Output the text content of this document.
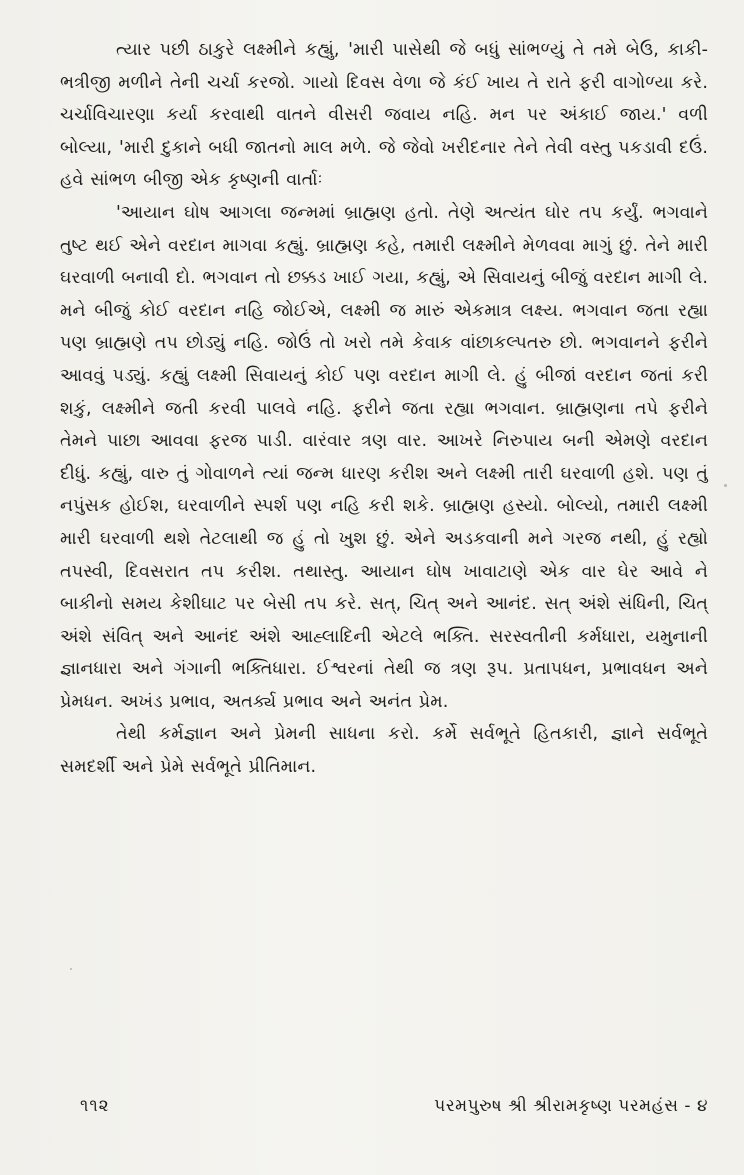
ત્યાર પછી ઠાકુરે લક્ષ્મીને કહ્યું, 'મારી પાસેથી જે બધું સાંભળ્યું તે તમે બેઉ, કાકી-ભત્રીજી મળીને તેની ચર્ચા કરજો. ગાયો દિવસ વેળા જે કંઈ ખાય તે રાતે ફરી વાગોળ્યા કરે. ચર્ચાવિચારણા કર્યા કરવાથી વાતને વીસરી જવાય નહિ. મન પર અંકાઈ જાય.' વળી બોલ્યા, 'મારી દુકાને બધી જાતનો માલ મળે. જે જેવો ખરીદનાર તેને તેવી વસ્તુ પકડાવી દઉં. હવે સાંભળ બીજી એક કૃષ્ણની વાર્તાઃ

'આયાન ઘોષ આગલા જન્મમાં બ્રાહ્મણ હતો. તેણે અત્યંત ઘોર તપ કર્યું. ભગવાને તુષ્ટ થઈ એને વરદાન માગવા કહ્યું. બ્રાહ્મણ કહે, તમારી લક્ષ્મીને મેળવવા માગું છું. તેને મારી ઘરવાળી બનાવી દો. ભગવાન તો છક્કડ ખાઈ ગયા, કહ્યું, એ સિવાયનું બીજું વરદાન માગી લે. મને બીજું કોઈ વરદાન નહિ જોઈએ, લક્ષ્મી જ મારું એકમાત્ર લક્ષ્ય. ભગવાન જતા રહ્યા પણ બ્રાહ્મણે તપ છોડ્યું નહિ. જોઉં તો ખરો તમે કેવાક વાંછાકલ્પતરુ છો. ભગવાનને ફરીને આવવું પડ્યું. કહ્યું લક્ષ્મી સિવાયનું કોઈ પણ વરદાન માગી લે. હું બીજાં વરદાન જતાં કરી શકું, લક્ષ્મીને જતી કરવી પાલવે નહિ. ફરીને જતા રહ્યા ભગવાન. બ્રાહ્મણના તપે ફરીને તેમને પાછા આવવા ફરજ પાડી. વારંવાર ત્રણ વાર. આખરે નિરુપાય બની એમણે વરદાન દીધું. કહ્યું, વારુ તું ગોવાળને ત્યાં જન્મ ધારણ કરીશ અને લક્ષ્મી તારી ઘરવાળી હશે. પણ તું નપુંસક હોઈશ, ઘરવાળીને સ્પર્શ પણ નહિ કરી શકે. બ્રાહ્મણ હસ્યો. બોલ્યો, તમારી લક્ષ્મી મારી ઘરવાળી થશે તેટલાથી જ હું તો ખુશ છું. એને અડકવાની મને ગરજ નથી, હું રહ્યો તપસ્વી, દિવસરાત તપ કરીશ. તથાસ્તુ. આયાન ઘોષ ખાવાટાણે એક વાર ઘેર આવે ને બાકીનો સમય કેશીઘાટ પર બેસી તપ કરે. સત્, ચિત્ અને આનંદ. સત્ અંશે સંધિની, ચિત્ અંશે સંવિત્ અને આનંદ અંશે આહ્લાદિની એટલે ભક્તિ. સરસ્વતીની કર્મધારા, યમુનાની જ્ઞાનધારા અને ગંગાની ભક્તિધારા. ઈશ્વરનાં તેથી જ ત્રણ રૂપ. પ્રતાપધન, પ્રભાવધન અને પ્રેમધન. અખંડ પ્રભાવ, અતર્ક્ય પ્રભાવ અને અનંત પ્રેમ.

તેથી કર્મજ્ઞાન અને પ્રેમની સાધના કરો. કર્મે સર્વભૂતે હિતકારી, જ્ઞાને સર્વભૂતે સમદર્શી અને પ્રેમે સર્વભૂતે પ્રીતિમાન.

૧૧૨	પરમપુરુષ શ્રી શ્રીરામકૃષ્ણ પરમહંસ - ૪
